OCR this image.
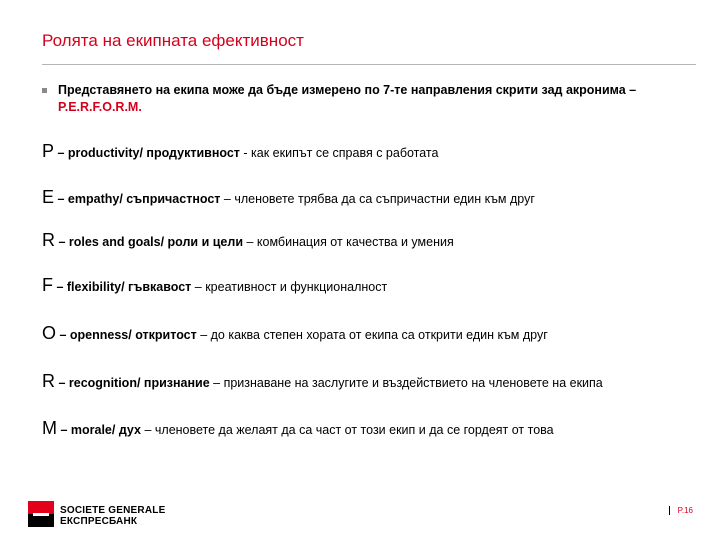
Ролята на екипната ефективност
Представянето на екипа може да бъде измерено по 7-те направления скрити зад акронима – P.E.R.F.O.R.M.
P – productivity/ продуктивност - как екипът се справя с работата
E – empathy/ съпричастност – членовете трябва да са съпричастни един към друг
R – roles and goals/ роли и цели – комбинация от качества и умения
F – flexibility/ гъвкавост – креативност и функционалност
O – openness/ откритост – до каква степен хората от екипа са открити един към друг
R – recognition/ признание – признаване на заслугите и въздействието на членовете на екипа
M – morale/ дух – членовете да желаят да са част от този екип и да се гордеят от това
SOCIETE GENERALE
ЕКСПРЕСБАНК
P.16
